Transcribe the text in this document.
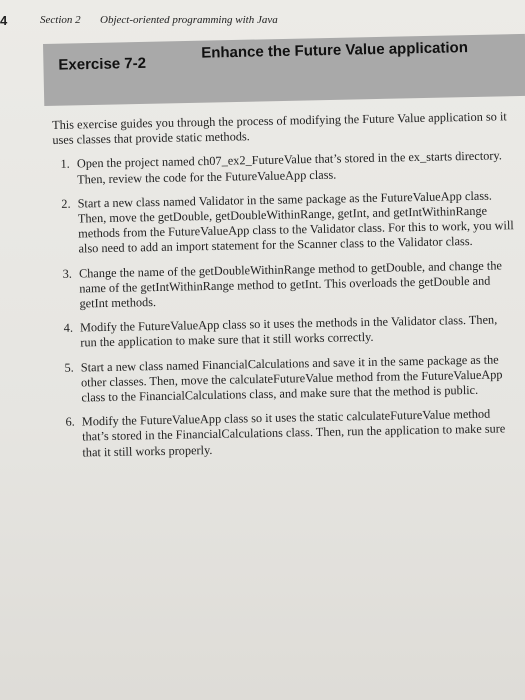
4	Section 2 Object-oriented programming with Java
Exercise 7-2
Enhance the Future Value application

This exercise guides you through the process of modifying the Future Value application so it uses classes that provide static methods.

1. Open the project named ch07_ex2_FutureValue that’s stored in the ex_starts directory. Then, review the code for the FutureValueApp class.
2. Start a new class named Validator in the same package as the FutureValueApp class. Then, move the getDouble, getDoubleWithinRange, getInt, and getIntWithinRange methods from the FutureValueApp class to the Validator class. For this to work, you will also need to add an import statement for the Scanner class to the Validator class.
3. Change the name of the getDoubleWithinRange method to getDouble, and change the name of the getIntWithinRange method to getInt. This overloads the getDouble and getInt methods.
4. Modify the FutureValueApp class so it uses the methods in the Validator class. Then, run the application to make sure that it still works correctly.
5. Start a new class named FinancialCalculations and save it in the same package as the other classes. Then, move the calculateFutureValue method from the FutureValueApp class to the FinancialCalculations class, and make sure that the method is public.
6. Modify the FutureValueApp class so it uses the static calculateFutureValue method that’s stored in the FinancialCalculations class. Then, run the application to make sure that it still works properly.
